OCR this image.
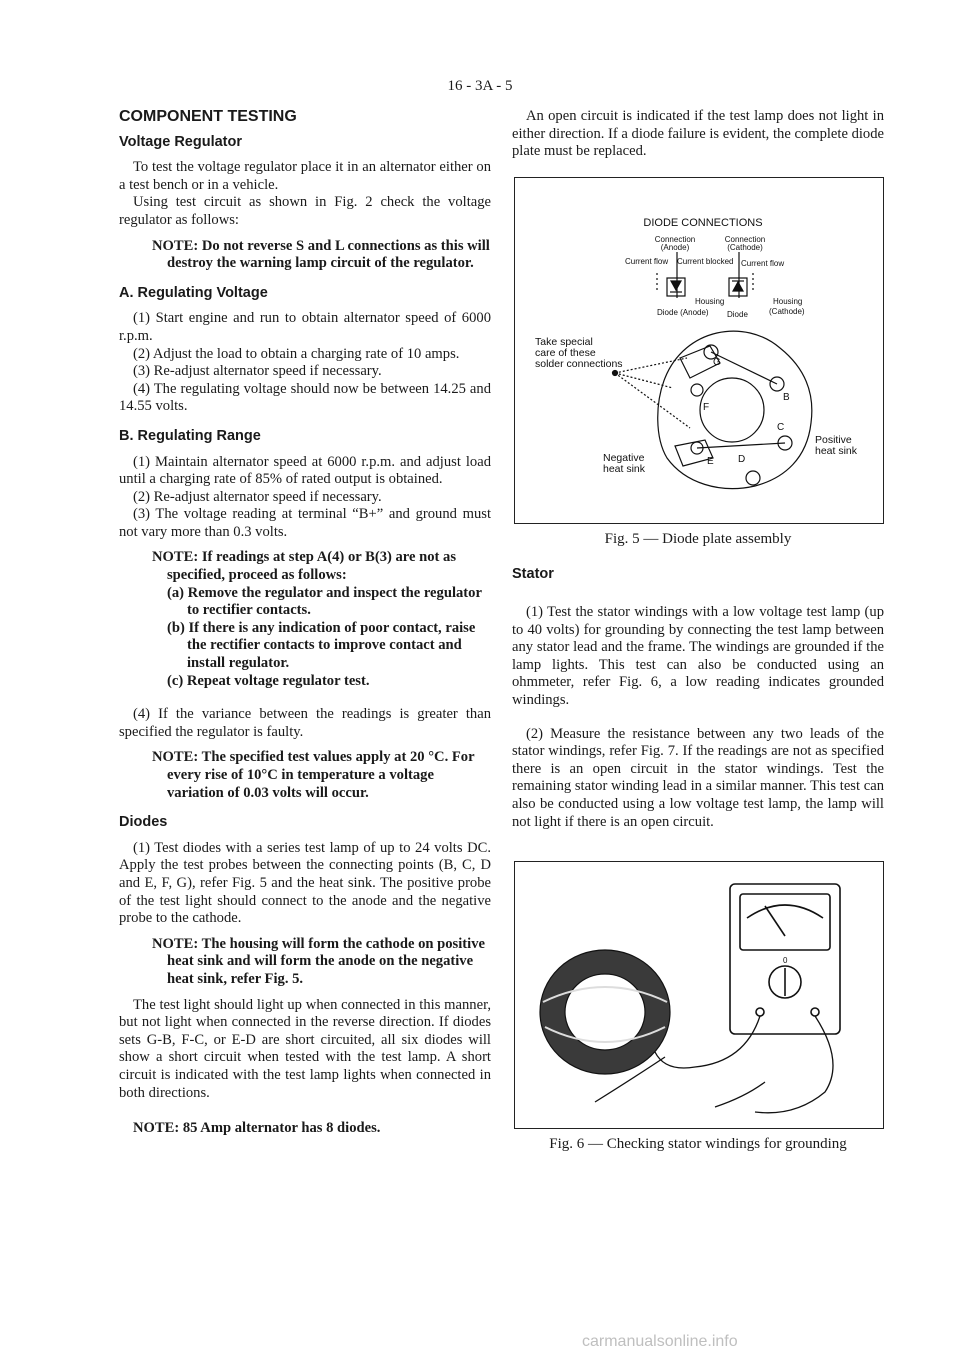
16 - 3A - 5
COMPONENT TESTING
Voltage Regulator

To test the voltage regulator place it in an alternator either on a test bench or in a vehicle.

Using test circuit as shown in Fig. 2 check the voltage regulator as follows:

NOTE: Do not reverse S and L connections as this will destroy the warning lamp circuit of the regulator.

A. Regulating Voltage

(1) Start engine and run to obtain alternator speed of 6000 r.p.m.

(2) Adjust the load to obtain a charging rate of 10 amps.

(3) Re-adjust alternator speed if necessary.

(4) The regulating voltage should now be between 14.25 and 14.55 volts.

B. Regulating Range

(1) Maintain alternator speed at 6000 r.p.m. and adjust load until a charging rate of 85% of rated output is obtained.

(2) Re-adjust alternator speed if necessary.

(3) The voltage reading at terminal “B+” and ground must not vary more than 0.3 volts.

NOTE: If readings at step A(4) or B(3) are not as specified, proceed as follows:

(a) Remove the regulator and inspect the regulator to rectifier contacts.

(b) If there is any indication of poor contact, raise the rectifier contacts to improve contact and install regulator.

(c) Repeat voltage regulator test.

(4) If the variance between the readings is greater than specified the regulator is faulty.

NOTE: The specified test values apply at 20 °C. For every rise of 10°C in temperature a voltage variation of 0.03 volts will occur.

Diodes

(1) Test diodes with a series test lamp of up to 24 volts DC. Apply the test probes between the connecting points (B, C, D and E, F, G), refer Fig. 5 and the heat sink. The positive probe of the test light should connect to the anode and the negative probe to the cathode.

NOTE: The housing will form the cathode on positive heat sink and will form the anode on the negative heat sink, refer Fig. 5.

The test light should light up when connected in this manner, but not light when connected in the reverse direction. If diodes sets G-B, F-C, or E-D are short circuited, all six diodes will show a short circuit when tested with the test lamp. A short circuit is indicated with the test lamp lights when connected in both directions.

NOTE: 85 Amp alternator has 8 diodes.

An open circuit is indicated if the test lamp does not light in either direction. If a diode failure is evident, the complete diode plate must be replaced.

DIODE CONNECTIONS
Connection
(Anode)
Connection
(Cathode)
Current flow Current blocked Current flow
Housing
Diode (Anode) Diode
Housing
(Cathode)
Take special
care of these
solder connections	G
B
F
C
E D
Positive
heat sink
Negative
heat sink
Fig. 5 — Diode plate assembly
Stator

(1) Test the stator windings with a low voltage test lamp (up to 40 volts) for grounding by connecting the test lamp between any stator lead and the frame. The windings are grounded if the lamp lights. This test can also be conducted using an ohmmeter, refer Fig. 6, a low reading indicates grounded windings.

(2) Measure the resistance between any two leads of the stator windings, refer Fig. 7. If the readings are not as specified there is an open circuit in the stator windings. Test the remaining stator winding lead in a similar manner. This test can also be conducted using a low voltage test lamp, the lamp will not light if there is an open circuit.

0
Fig. 6 — Checking stator windings for grounding
carmanualsonline.info
